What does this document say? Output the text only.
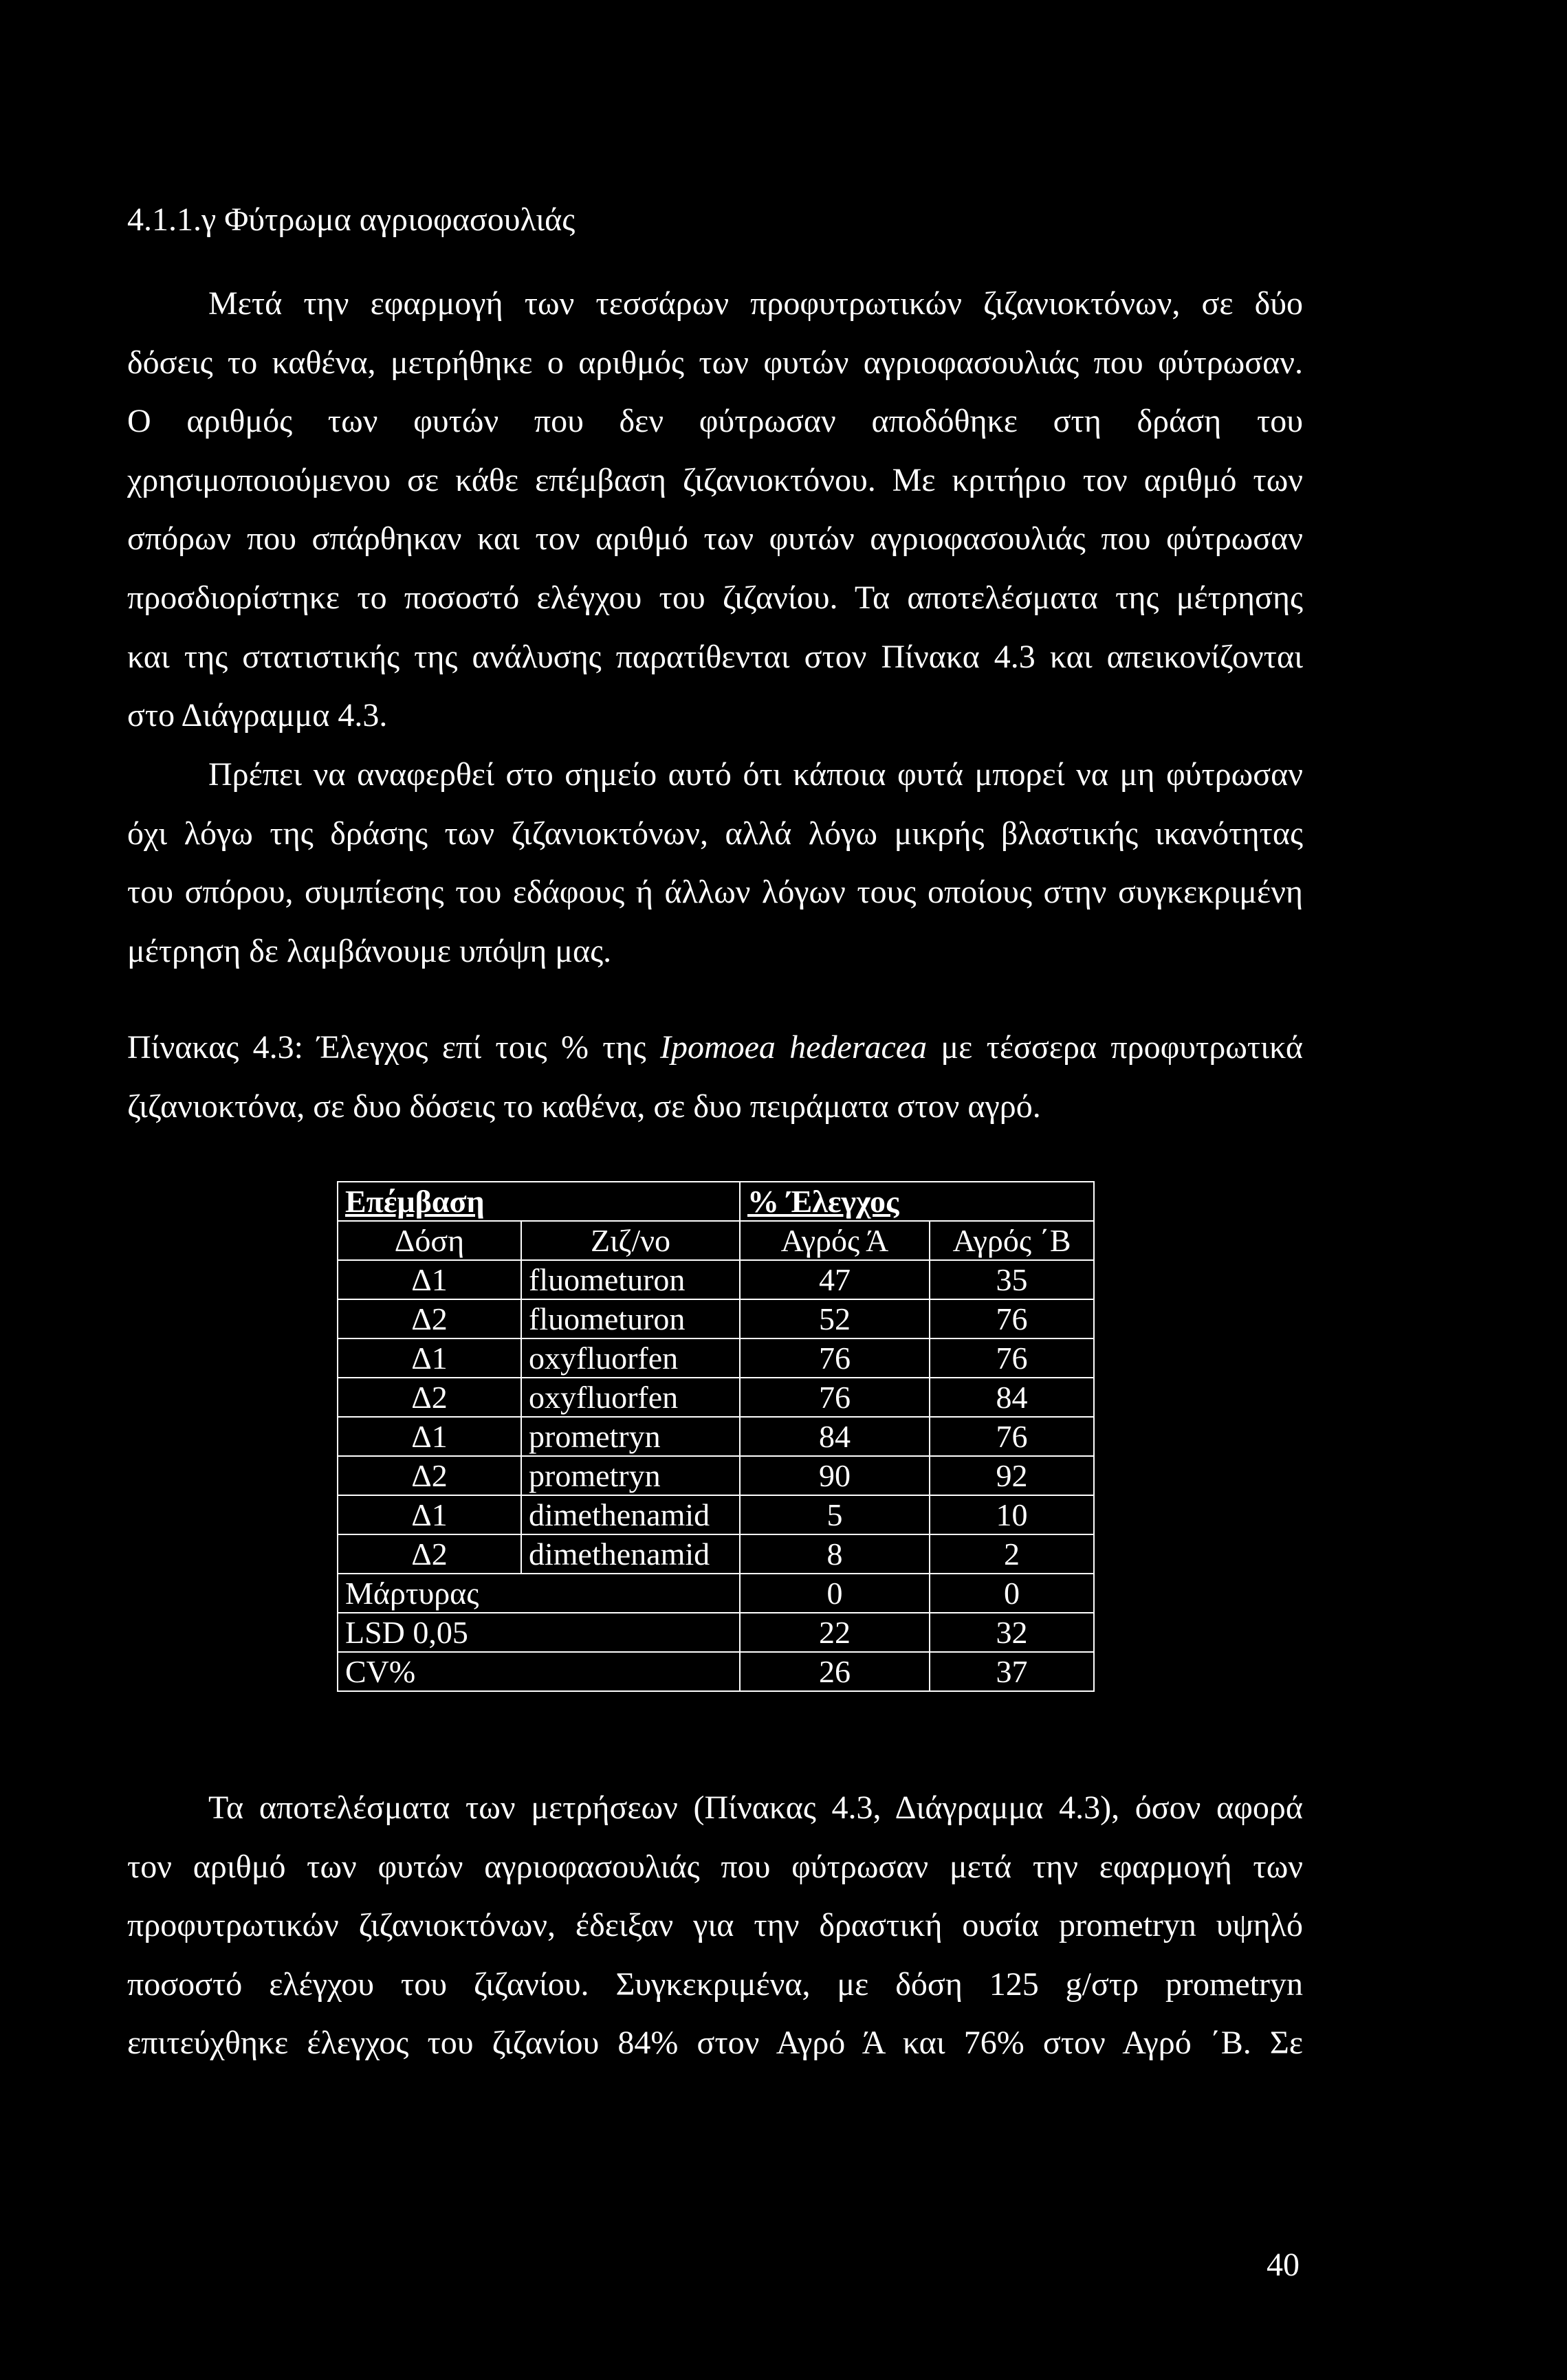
4.1.1.γ Φύτρωμα αγριοφασουλιάς
Μετά την εφαρμογή των τεσσάρων προφυτρωτικών ζιζανιοκτόνων, σε δύο
δόσεις το καθένα, μετρήθηκε ο αριθμός των φυτών αγριοφασουλιάς που φύτρωσαν.
Ο αριθμός των φυτών που δεν φύτρωσαν αποδόθηκε στη δράση του
χρησιμοποιούμενου σε κάθε επέμβαση ζιζανιοκτόνου. Με κριτήριο τον αριθμό των
σπόρων που σπάρθηκαν και τον αριθμό των φυτών αγριοφασουλιάς που φύτρωσαν
προσδιορίστηκε το ποσοστό ελέγχου του ζιζανίου. Τα αποτελέσματα της μέτρησης
και της στατιστικής της ανάλυσης παρατίθενται στον Πίνακα 4.3 και απεικονίζονται
στο Διάγραμμα 4.3.
Πρέπει να αναφερθεί στο σημείο αυτό ότι κάποια φυτά μπορεί να μη φύτρωσαν
όχι λόγω της δράσης των ζιζανιοκτόνων, αλλά λόγω μικρής βλαστικής ικανότητας
του σπόρου, συμπίεσης του εδάφους ή άλλων λόγων τους οποίους στην συγκεκριμένη
μέτρηση δε λαμβάνουμε υπόψη μας.
Πίνακας 4.3: Έλεγχος επί τοις % της Ipomoea hederacea με τέσσερα προφυτρωτικά
ζιζανιοκτόνα, σε δυο δόσεις το καθένα, σε δυο πειράματα στον αγρό.
Επέμβαση		% Έλεγχος	
Δόση	Ζιζ/νο	Αγρός Ά	Αγρός ΄Β
Δ1	fluometuron	47	35
Δ2	fluometuron	52	76
Δ1	oxyfluorfen	76	76
Δ2	oxyfluorfen	76	84
Δ1	prometryn	84	76
Δ2	prometryn	90	92
Δ1	dimethenamid	5	10
Δ2	dimethenamid	8	2
Μάρτυρας		0	0
LSD 0,05		22	32
CV%		26	37
Τα αποτελέσματα των μετρήσεων (Πίνακας 4.3, Διάγραμμα 4.3), όσον αφορά
τον αριθμό των φυτών αγριοφασουλιάς που φύτρωσαν μετά την εφαρμογή των
προφυτρωτικών ζιζανιοκτόνων, έδειξαν για την δραστική ουσία prometryn υψηλό
ποσοστό ελέγχου του ζιζανίου. Συγκεκριμένα, με δόση 125 g/στρ prometryn
επιτεύχθηκε έλεγχος του ζιζανίου 84% στον Αγρό Ά και 76% στον Αγρό ΄Β. Σε
40
